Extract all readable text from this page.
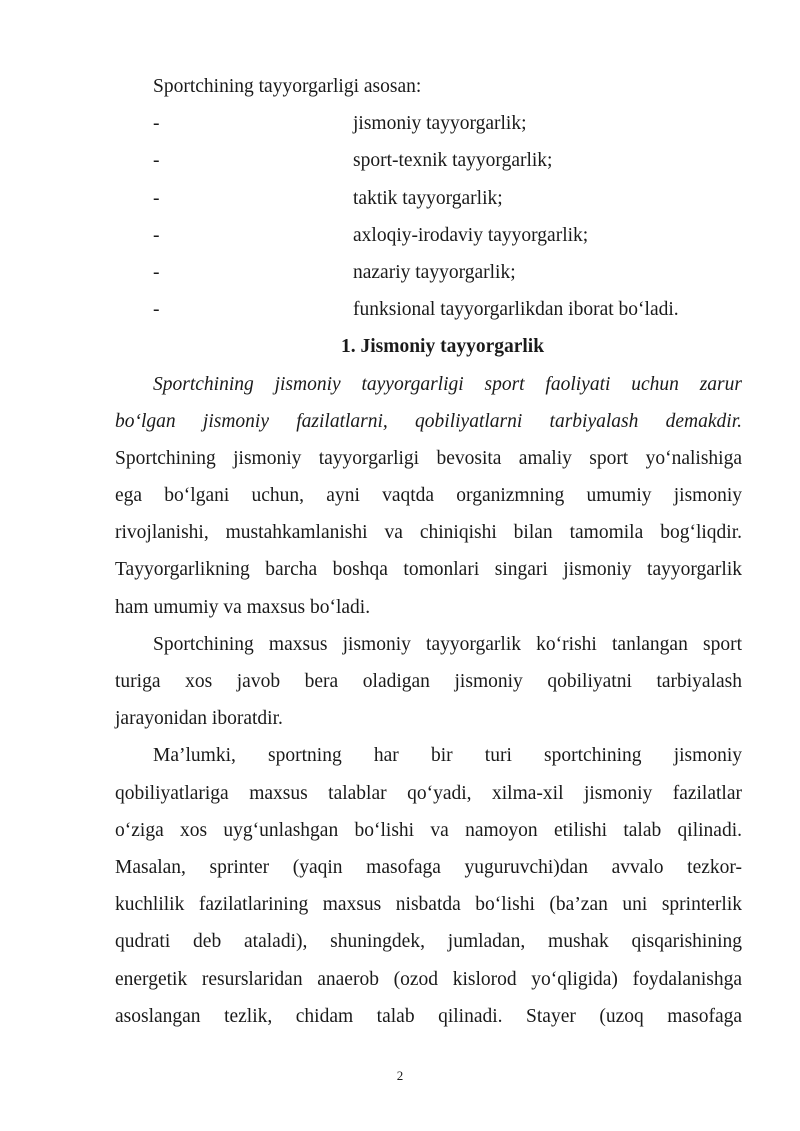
Sportchining tayyorgarligi asosan:
-	jismoniy tayyorgarlik;
-	sport-texnik tayyorgarlik;
-	taktik tayyorgarlik;
-	axloqiy-irodaviy tayyorgarlik;
-	nazariy tayyorgarlik;
-	funksional tayyorgarlikdan iborat bo‘ladi.
1. Jismoniy tayyorgarlik
Sportchining jismoniy tayyorgarligi sport faoliyati uchun zarur
bo‘lgan jismoniy fazilatlarni, qobiliyatlarni tarbiyalash demakdir.
Sportchining jismoniy tayyorgarligi bevosita amaliy sport yo‘nalishiga
ega bo‘lgani uchun, ayni vaqtda organizmning umumiy jismoniy
rivojlanishi, mustahkamlanishi va chiniqishi bilan tamomila bog‘liqdir.
Tayyorgarlikning barcha boshqa tomonlari singari jismoniy tayyorgarlik
ham umumiy va maxsus bo‘ladi.
Sportchining maxsus jismoniy tayyorgarlik ko‘rishi tanlangan sport
turiga xos javob bera oladigan jismoniy qobiliyatni tarbiyalash
jarayonidan iboratdir.
Ma’lumki, sportning har bir turi sportchining jismoniy
qobiliyatlariga maxsus talablar qo‘yadi, xilma-xil jismoniy fazilatlar
o‘ziga xos uyg‘unlashgan bo‘lishi va namoyon etilishi talab qilinadi.
Masalan, sprinter (yaqin masofaga yuguruvchi)dan avvalo tezkor-
kuchlilik fazilatlarining maxsus nisbatda bo‘lishi (ba’zan uni sprinterlik
qudrati deb ataladi), shuningdek, jumladan, mushak qisqarishining
energetik resurslaridan anaerob (ozod kislorod yo‘qligida) foydalanishga
asoslangan tezlik, chidam talab qilinadi. Stayer (uzoq masofaga
2
